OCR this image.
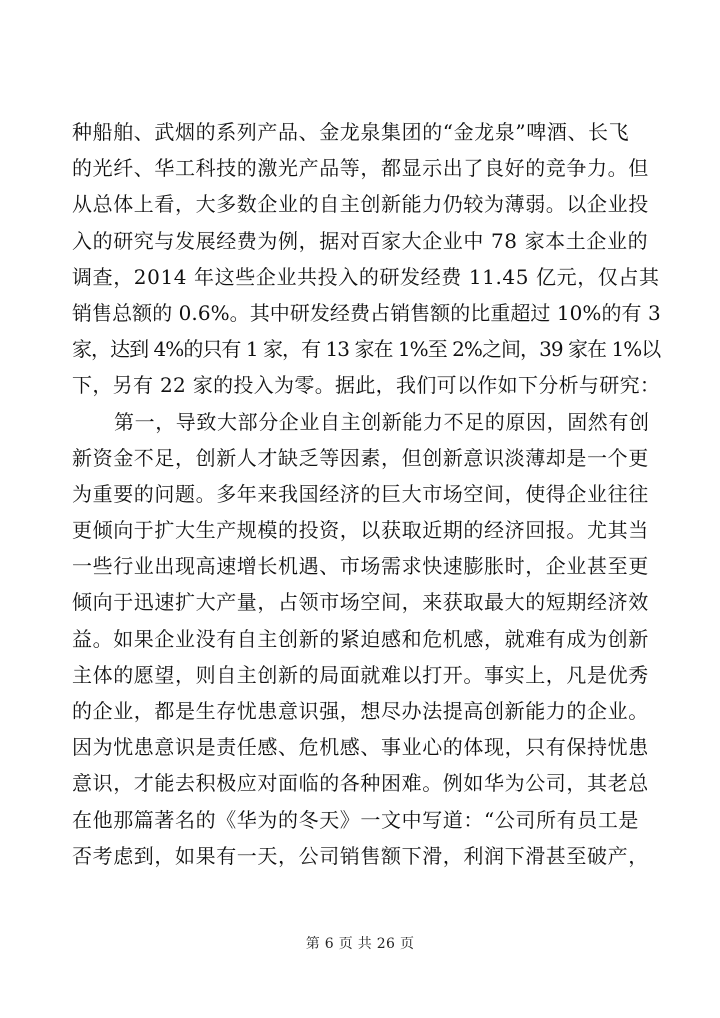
种船舶、武烟的系列产品、金龙泉集团的“金龙泉”啤酒、长飞
的光纤、华工科技的激光产品等，都显示出了良好的竞争力。但
从总体上看，大多数企业的自主创新能力仍较为薄弱。以企业投
入的研究与发展经费为例，据对百家大企业中 78 家本土企业的
调查，2014 年这些企业共投入的研发经费 11.45 亿元，仅占其
销售总额的 0.6%。其中研发经费占销售额的比重超过 10%的有 3
家，达到 4%的只有 1 家，有 13 家在 1%至 2%之间，39 家在 1%以
下，另有 22 家的投入为零。据此，我们可以作如下分析与研究：
第一，导致大部分企业自主创新能力不足的原因，固然有创
新资金不足，创新人才缺乏等因素，但创新意识淡薄却是一个更
为重要的问题。多年来我国经济的巨大市场空间，使得企业往往
更倾向于扩大生产规模的投资，以获取近期的经济回报。尤其当
一些行业出现高速增长机遇、市场需求快速膨胀时，企业甚至更
倾向于迅速扩大产量，占领市场空间，来获取最大的短期经济效
益。如果企业没有自主创新的紧迫感和危机感，就难有成为创新
主体的愿望，则自主创新的局面就难以打开。事实上，凡是优秀
的企业，都是生存忧患意识强，想尽办法提高创新能力的企业。
因为忧患意识是责任感、危机感、事业心的体现，只有保持忧患
意识，才能去积极应对面临的各种困难。例如华为公司，其老总
在他那篇著名的《华为的冬天》一文中写道：“公司所有员工是
否考虑到，如果有一天，公司销售额下滑，利润下滑甚至破产，
第 6 页 共 26 页
